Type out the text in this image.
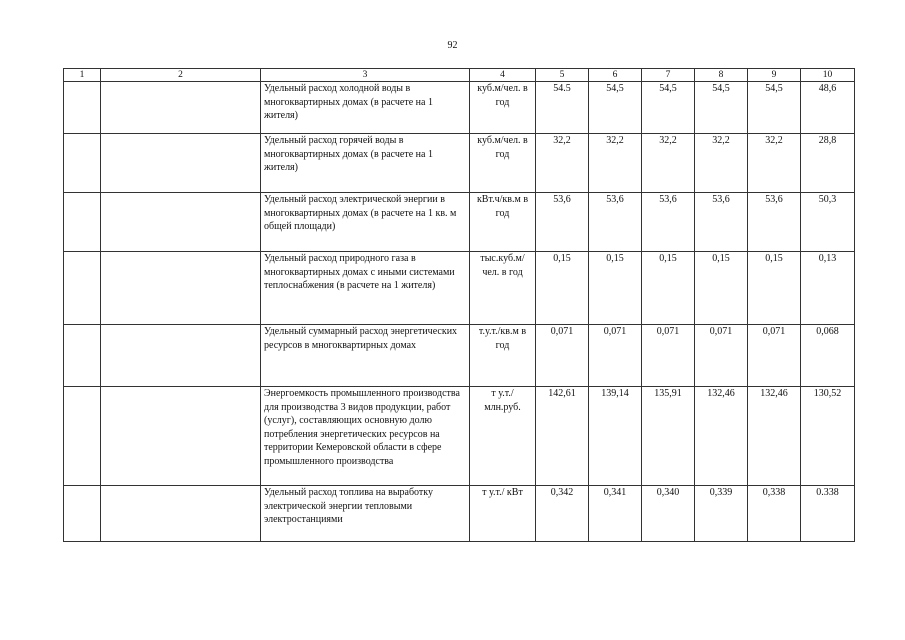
92
1	2	3	4	5	6	7	8	9	10
		Удельный расход холодной воды в многоквартирных домах (в расчете на 1 жителя)	куб.м/чел. в год	54.5	54,5	54,5	54,5	54,5	48,6
		Удельный расход горячей воды в многоквартирных домах (в расчете на 1 жителя)	куб.м/чел. в год	32,2	32,2	32,2	32,2	32,2	28,8
		Удельный расход электрической энергии в многоквартирных домах (в расчете на 1 кв. м общей площади)	кВт.ч/кв.м в год	53,6	53,6	53,6	53,6	53,6	50,3
		Удельный расход природного газа в многоквартирных домах с иными системами теплоснабжения (в расчете на 1 жителя)	тыс.куб.м/ чел. в год	0,15	0,15	0,15	0,15	0,15	0,13
		Удельный суммарный расход энергетических ресурсов в многоквартирных домах	т.у.т./кв.м в год	0,071	0,071	0,071	0,071	0,071	0,068
		Энергоемкость промышленного производства для производства 3 видов продукции, работ (услуг), составляющих основную долю потребления энергетических ресурсов на территории Кемеровской области в сфере промышленного производства	т у.т./ млн.руб.	142,61	139,14	135,91	132,46	132,46	130,52
		Удельный расход топлива на выработку электрической энергии тепловыми электростанциями	т у.т./ кВт	0,342	0,341	0,340	0,339	0,338	0.338
